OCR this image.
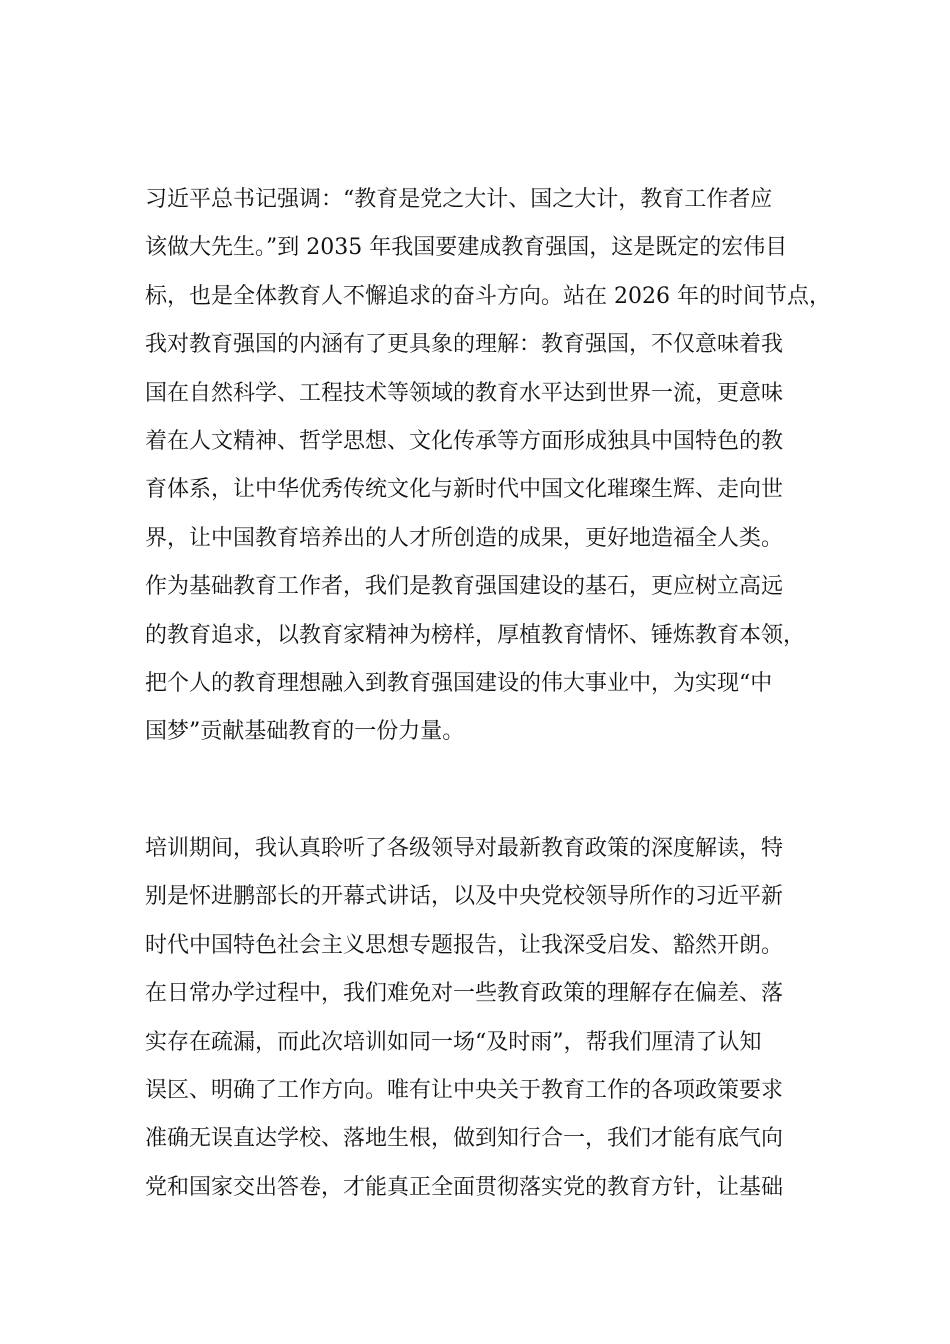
习近平总书记强调：“教育是党之大计、国之大计，教育工作者应
该做大先生。”到 2035 年我国要建成教育强国，这是既定的宏伟目
标，也是全体教育人不懈追求的奋斗方向。站在 2026 年的时间节点，
我对教育强国的内涵有了更具象的理解：教育强国，不仅意味着我
国在自然科学、工程技术等领域的教育水平达到世界一流，更意味
着在人文精神、哲学思想、文化传承等方面形成独具中国特色的教
育体系，让中华优秀传统文化与新时代中国文化璀璨生辉、走向世
界，让中国教育培养出的人才所创造的成果，更好地造福全人类。
作为基础教育工作者，我们是教育强国建设的基石，更应树立高远
的教育追求，以教育家精神为榜样，厚植教育情怀、锤炼教育本领，
把个人的教育理想融入到教育强国建设的伟大事业中，为实现“中
国梦”贡献基础教育的一份力量。
培训期间，我认真聆听了各级领导对最新教育政策的深度解读，特
别是怀进鹏部长的开幕式讲话，以及中央党校领导所作的习近平新
时代中国特色社会主义思想专题报告，让我深受启发、豁然开朗。
在日常办学过程中，我们难免对一些教育政策的理解存在偏差、落
实存在疏漏，而此次培训如同一场“及时雨”，帮我们厘清了认知
误区、明确了工作方向。唯有让中央关于教育工作的各项政策要求
准确无误直达学校、落地生根，做到知行合一，我们才能有底气向
党和国家交出答卷，才能真正全面贯彻落实党的教育方针，让基础
